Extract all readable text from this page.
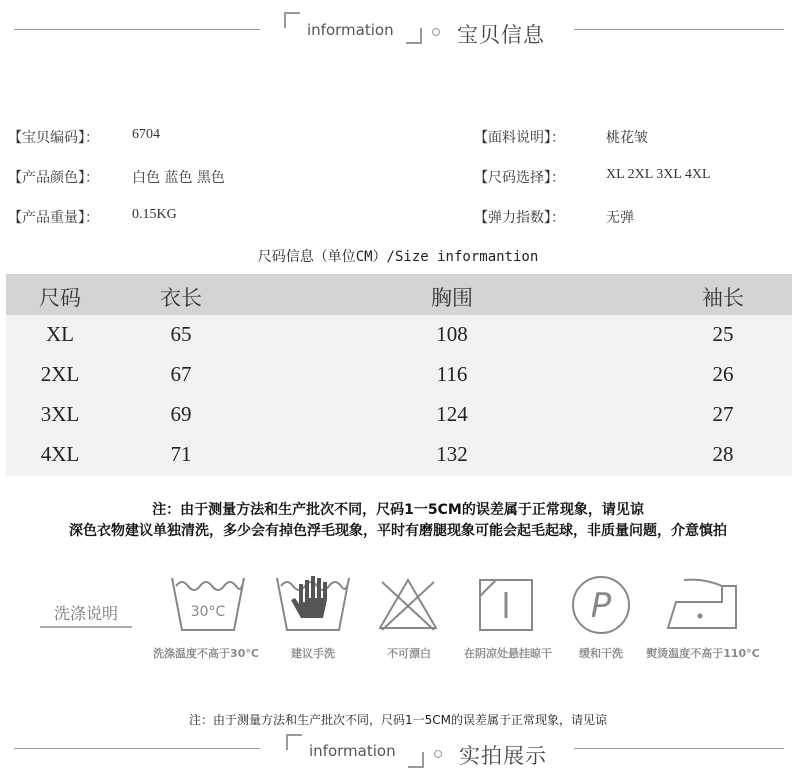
information	宝贝信息
【宝贝编码】： 6704
【产品颜色】： 白色 蓝色 黑色
【产品重量】： 0.15KG
【面料说明】：	桃花皱
【尺码选择】：	XL 2XL 3XL 4XL
【弹力指数】：	无弹
尺码信息（单位CM）/Size informantion
尺码	衣长	胸围	袖长
XL	65	108	25
2XL	67	116	26
3XL	69	124	27
4XL	71	132	28
注：由于测量方法和生产批次不同，尺码1一5CM的误差属于正常现象，请见谅
深色衣物建议单独清洗，多少会有掉色浮毛现象，平时有磨腿现象可能会起毛起球，非质量问题，介意慎拍
洗涤说明	30°C	P
洗涤温度不高于30°C	建议手洗	不可漂白	在阴凉处悬挂晾干 缓和干洗 熨烫温度不高于110°C
注：由于测量方法和生产批次不同，尺码1一5CM的误差属于正常现象，请见谅
information	实拍展示
